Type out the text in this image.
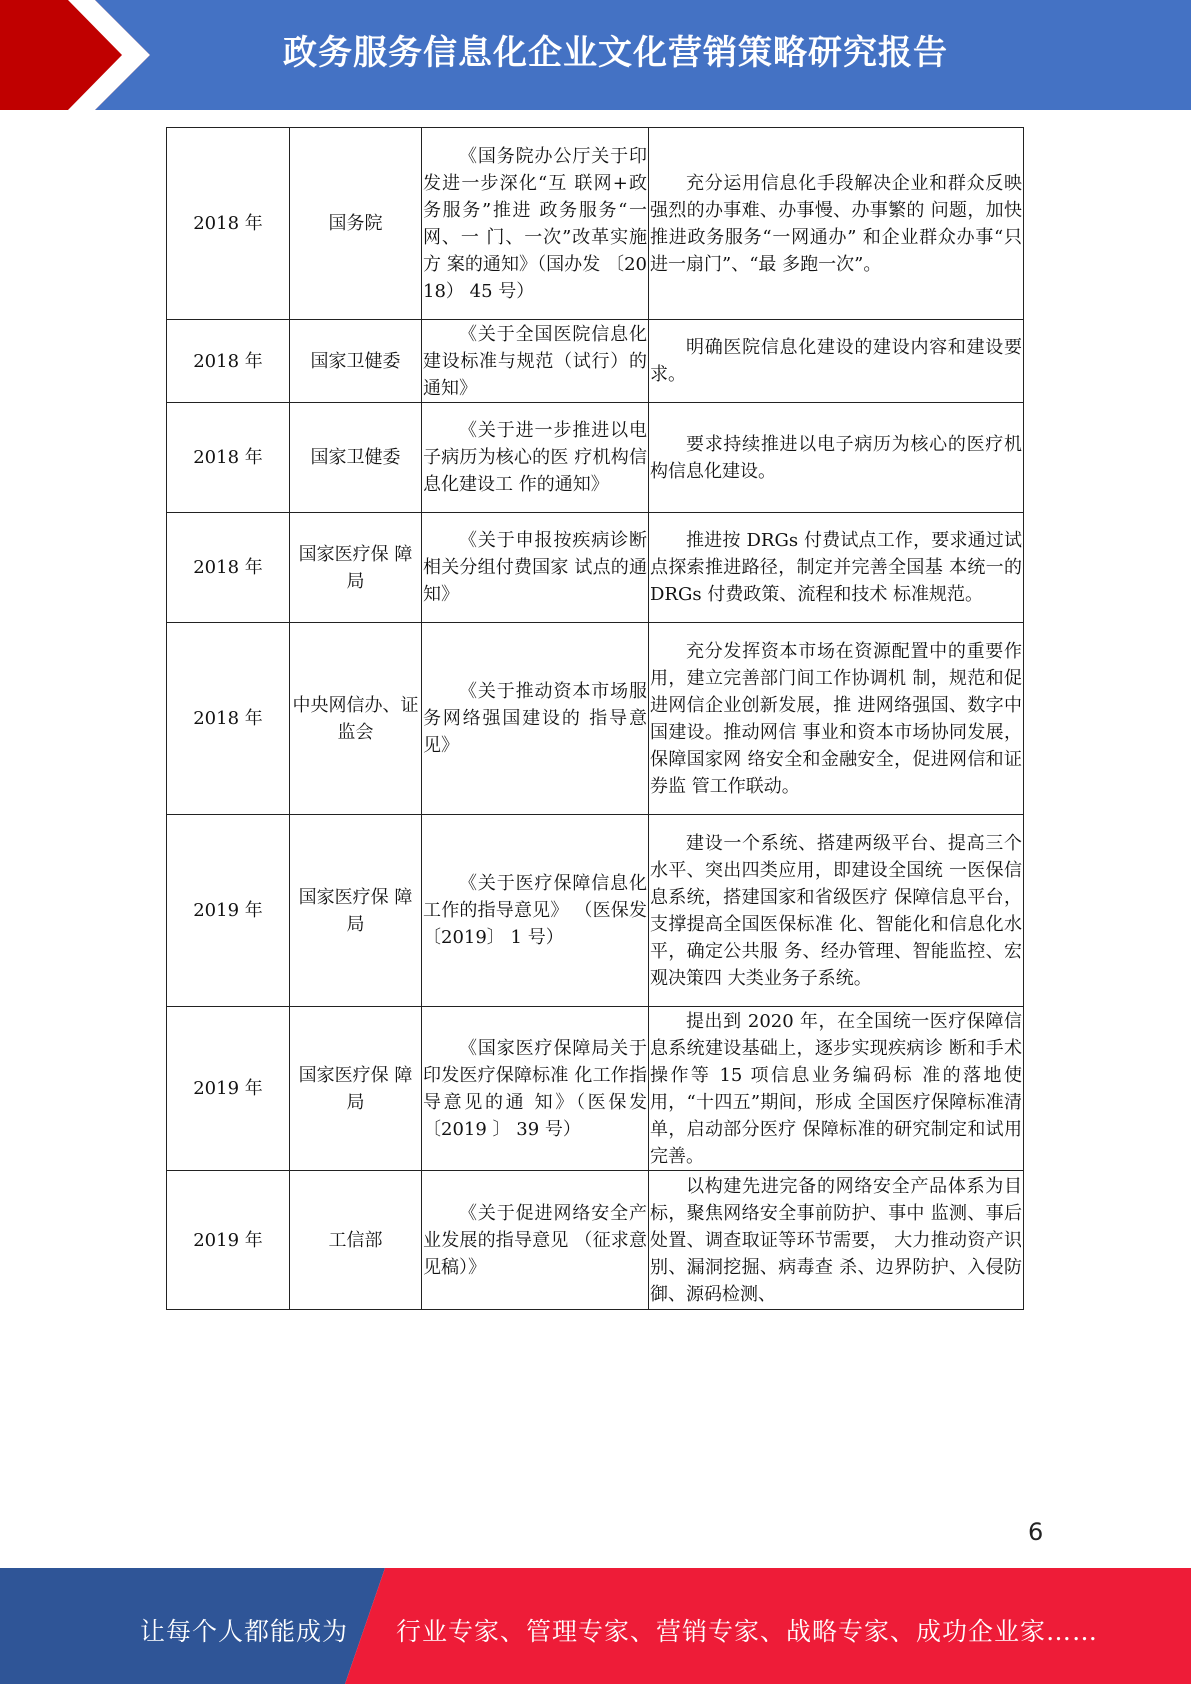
政务服务信息化企业文化营销策略研究报告
2018 年	国务院	《国务院办公厅关于印发进一步深化“互 联网+政务服务”推进 政务服务“一网、一 门、一次”改革实施方 案的通知》（国办发 〔2018） 45 号）	充分运用信息化手段解决企业和群众反映强烈的办事难、办事慢、办事繁的 问题，加快推进政务服务“一网通办” 和企业群众办事“只进一扇门”、“最 多跑一次”。
2018 年	国家卫健委	《关于全国医院信息化建设标准与规范（试行）的通知》	明确医院信息化建设的建设内容和建设要求。
2018 年	国家卫健委	《关于进一步推进以电子病历为核心的医 疗机构信息化建设工 作的通知》	要求持续推进以电子病历为核心的医疗机构信息化建设。
2018 年	国家医疗保 障局	《关于申报按疾病诊断相关分组付费国家 试点的通知》	推进按 DRGs 付费试点工作，要求通过试点探索推进路径，制定并完善全国基 本统一的 DRGs 付费政策、流程和技术 标准规范。
2018 年	中央网信办、证监会	《关于推动资本市场服务网络强国建设的 指导意见》	充分发挥资本市场在资源配置中的重要作用，建立完善部门间工作协调机 制，规范和促进网信企业创新发展，推 进网络强国、数字中国建设。推动网信 事业和资本市场协同发展，保障国家网 络安全和金融安全，促进网信和证券监 管工作联动。
2019 年	国家医疗保 障局	《关于医疗保障信息化工作的指导意见》 （医保发〔2019〕 1 号）	建设一个系统、搭建两级平台、提高三个水平、突出四类应用，即建设全国统 一医保信息系统，搭建国家和省级医疗 保障信息平台，支撑提高全国医保标准 化、智能化和信息化水平，确定公共服 务、经办管理、智能监控、宏观决策四 大类业务子系统。
2019 年	国家医疗保 障局	《国家医疗保障局关于印发医疗保障标准 化工作指导意见的通 知》（医保发 〔2019 〕 39 号）	提出到 2020 年，在全国统一医疗保障信息系统建设基础上，逐步实现疾病诊 断和手术操作等 15 项信息业务编码标 准的落地使用，“十四五”期间，形成 全国医疗保障标准清单，启动部分医疗 保障标准的研究制定和试用完善。
2019 年	工信部	《关于促进网络安全产业发展的指导意见 （征求意见稿）》	以构建先进完备的网络安全产品体系为目标，聚焦网络安全事前防护、事中 监测、事后处置、调查取证等环节需要， 大力推动资产识别、漏洞挖掘、病毒查 杀、边界防护、入侵防御、源码检测、
6
让每个人都能成为 行业专家、管理专家、营销专家、战略专家、成功企业家……
